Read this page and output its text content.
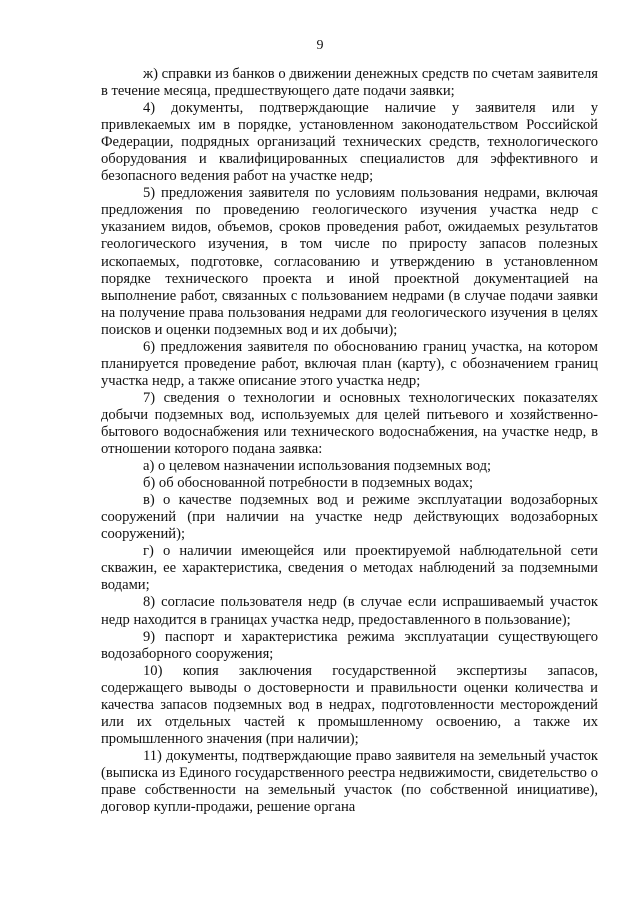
9

ж) справки из банков о движении денежных средств по счетам заявителя в течение месяца, предшествующего дате подачи заявки;

4) документы, подтверждающие наличие у заявителя или у привлекаемых им в порядке, установленном законодательством Российской Федерации, подрядных организаций технических средств, технологического оборудования и квалифицированных специалистов для эффективного и безопасного ведения работ на участке недр;

5) предложения заявителя по условиям пользования недрами, включая предложения по проведению геологического изучения участка недр с указанием видов, объемов, сроков проведения работ, ожидаемых результатов геологического изучения, в том числе по приросту запасов полезных ископаемых, подготовке, согласованию и утверждению в установленном порядке технического проекта и иной проектной документацией на выполнение работ, связанных с пользованием недрами (в случае подачи заявки на получение права пользования недрами для геологического изучения в целях поисков и оценки подземных вод и их добычи);

6) предложения заявителя по обоснованию границ участка, на котором планируется проведение работ, включая план (карту), с обозначением границ участка недр, а также описание этого участка недр;

7) сведения о технологии и основных технологических показателях добычи подземных вод, используемых для целей питьевого и хозяйственно-бытового водоснабжения или технического водоснабжения, на участке недр, в отношении которого подана заявка:

а) о целевом назначении использования подземных вод;

б) об обоснованной потребности в подземных водах;

в) о качестве подземных вод и режиме эксплуатации водозаборных сооружений (при наличии на участке недр действующих водозаборных сооружений);

г) о наличии имеющейся или проектируемой наблюдательной сети скважин, ее характеристика, сведения о методах наблюдений за подземными водами;

8) согласие пользователя недр (в случае если испрашиваемый участок недр находится в границах участка недр, предоставленного в пользование);

9) паспорт и характеристика режима эксплуатации существующего водозаборного сооружения;

10) копия заключения государственной экспертизы запасов, содержащего выводы о достоверности и правильности оценки количества и качества запасов подземных вод в недрах, подготовленности месторождений или их отдельных частей к промышленному освоению, а также их промышленного значения (при наличии);

11) документы, подтверждающие право заявителя на земельный участок (выписка из Единого государственного реестра недвижимости, свидетельство о праве собственности на земельный участок (по собственной инициативе), договор купли-продажи, решение органа
